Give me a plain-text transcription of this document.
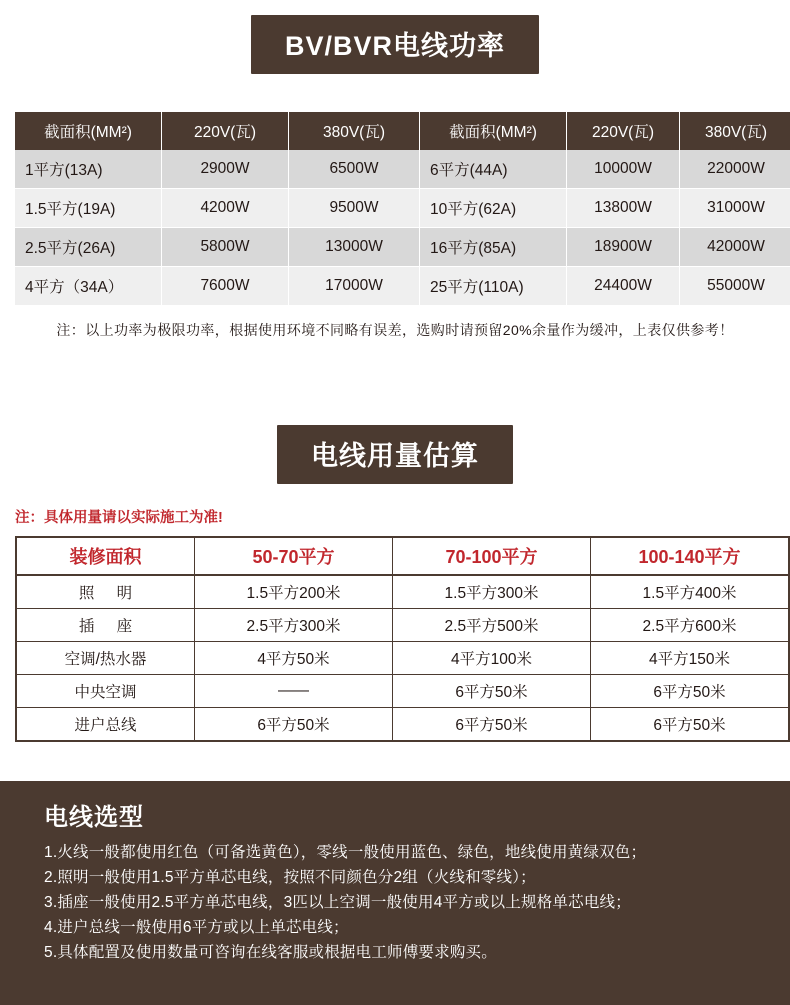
BV/BVR电线功率
截面积(MM²)	220V(瓦)	380V(瓦)	截面积(MM²)	220V(瓦)	380V(瓦)
1平方(13A)	2900W	6500W	6平方(44A)	10000W	22000W
1.5平方(19A)	4200W	9500W	10平方(62A)	13800W	31000W
2.5平方(26A)	5800W	13000W	16平方(85A)	18900W	42000W
4平方（34A）	7600W	17000W	25平方(110A)	24400W	55000W
注：以上功率为极限功率，根据使用环境不同略有误差，选购时请预留20%余量作为缓冲，上表仅供参考！
电线用量估算
注：具体用量请以实际施工为准!
装修面积	50-70平方	70-100平方	100-140平方
照 明	1.5平方200米	1.5平方300米	1.5平方400米
插 座	2.5平方300米	2.5平方500米	2.5平方600米
空调/热水器	4平方50米	4平方100米	4平方150米
中央空调	——	6平方50米	6平方50米
进户总线	6平方50米	6平方50米	6平方50米
电线选型
1.火线一般都使用红色（可备选黄色），零线一般使用蓝色、绿色，地线使用黄绿双色；
2.照明一般使用1.5平方单芯电线，按照不同颜色分2组（火线和零线）；
3.插座一般使用2.5平方单芯电线，3匹以上空调一般使用4平方或以上规格单芯电线；
4.进户总线一般使用6平方或以上单芯电线；
5.具体配置及使用数量可咨询在线客服或根据电工师傅要求购买。
